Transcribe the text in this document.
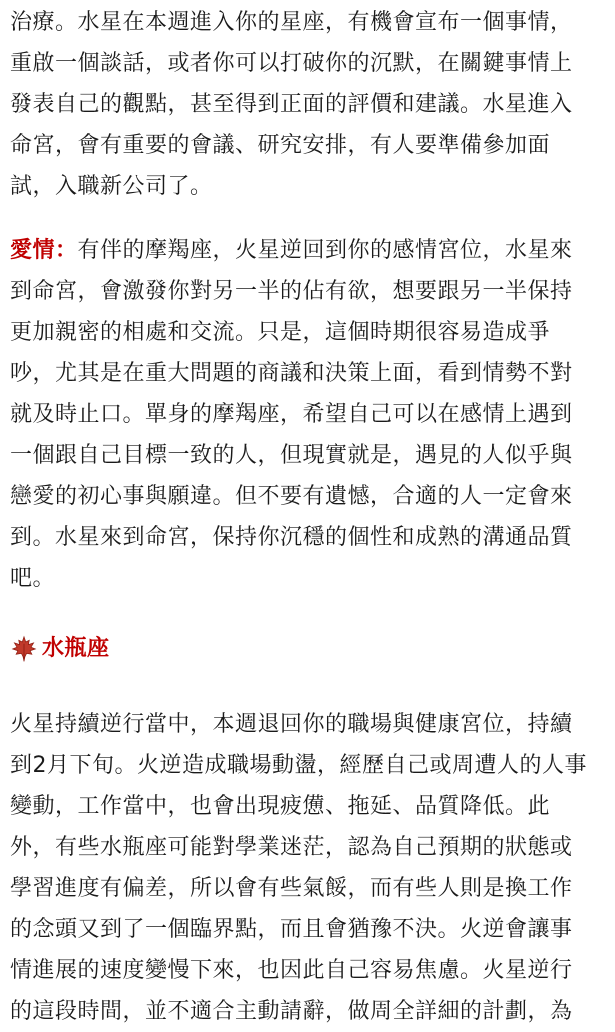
治療。水星在本週進入你的星座，有機會宣布一個事情，
重啟一個談話，或者你可以打破你的沉默，在關鍵事情上
發表自己的觀點，甚至得到正面的評價和建議。水星進入
命宮，會有重要的會議、研究安排，有人要準備參加面
試，入職新公司了。

愛情：有伴的摩羯座，火星逆回到你的感情宮位，水星來
到命宮，會激發你對另一半的佔有欲，想要跟另一半保持
更加親密的相處和交流。只是，這個時期很容易造成爭
吵，尤其是在重大問題的商議和決策上面，看到情勢不對
就及時止口。單身的摩羯座，希望自己可以在感情上遇到
一個跟自己目標一致的人，但現實就是，遇見的人似乎與
戀愛的初心事與願違。但不要有遺憾，合適的人一定會來
到。水星來到命宮，保持你沉穩的個性和成熟的溝通品質
吧。

水瓶座

火星持續逆行當中，本週退回你的職場與健康宮位，持續
到2月下旬。火逆造成職場動盪，經歷自己或周遭人的人事
變動，工作當中，也會出現疲憊、拖延、品質降低。此
外，有些水瓶座可能對學業迷茫，認為自己預期的狀態或
學習進度有偏差，所以會有些氣餒，而有些人則是換工作
的念頭又到了一個臨界點，而且會猶豫不決。火逆會讓事
情進展的速度變慢下來，也因此自己容易焦慮。火星逆行
的這段時間，並不適合主動請辭，做周全詳細的計劃，為
